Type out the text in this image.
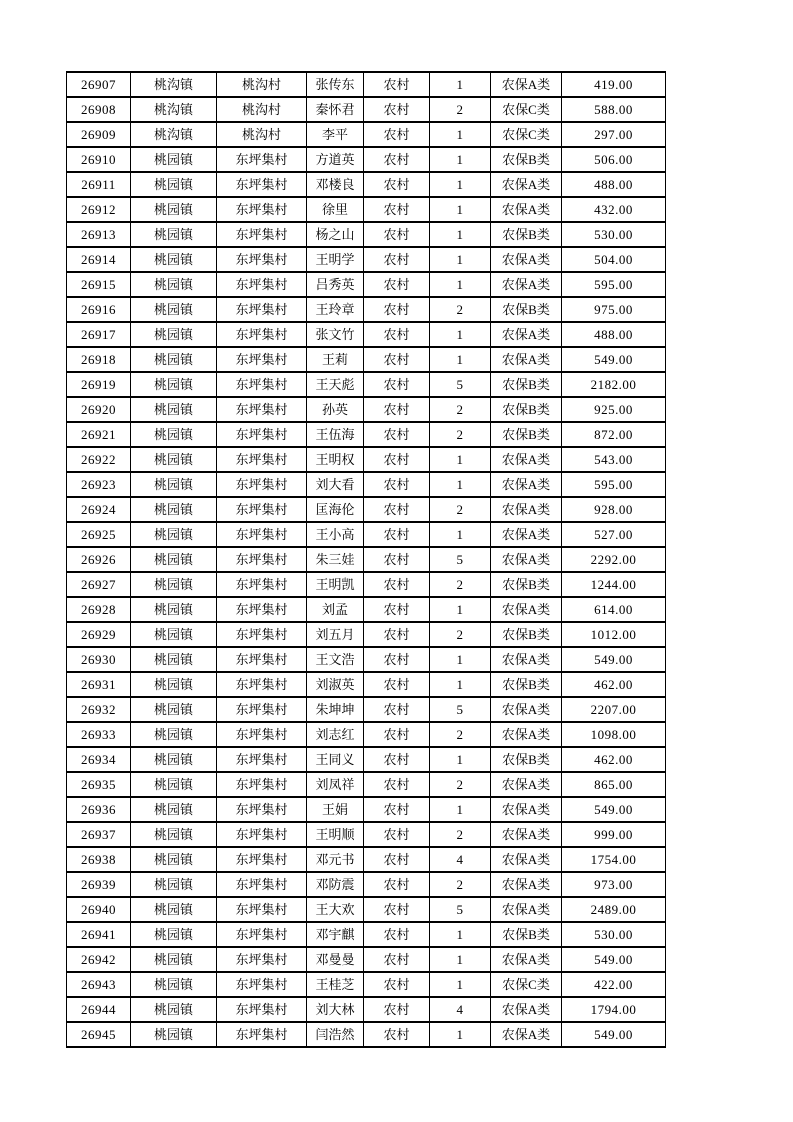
26907	桃沟镇	桃沟村	张传东	农村	1	农保A类	419.00
26908	桃沟镇	桃沟村	秦怀君	农村	2	农保C类	588.00
26909	桃沟镇	桃沟村	李平	农村	1	农保C类	297.00
26910	桃园镇	东坪集村	方道英	农村	1	农保B类	506.00
26911	桃园镇	东坪集村	邓楼良	农村	1	农保A类	488.00
26912	桃园镇	东坪集村	徐里	农村	1	农保A类	432.00
26913	桃园镇	东坪集村	杨之山	农村	1	农保B类	530.00
26914	桃园镇	东坪集村	王明学	农村	1	农保A类	504.00
26915	桃园镇	东坪集村	吕秀英	农村	1	农保A类	595.00
26916	桃园镇	东坪集村	王玲章	农村	2	农保B类	975.00
26917	桃园镇	东坪集村	张文竹	农村	1	农保A类	488.00
26918	桃园镇	东坪集村	王莉	农村	1	农保A类	549.00
26919	桃园镇	东坪集村	王天彪	农村	5	农保B类	2182.00
26920	桃园镇	东坪集村	孙英	农村	2	农保B类	925.00
26921	桃园镇	东坪集村	王伍海	农村	2	农保B类	872.00
26922	桃园镇	东坪集村	王明权	农村	1	农保A类	543.00
26923	桃园镇	东坪集村	刘大看	农村	1	农保A类	595.00
26924	桃园镇	东坪集村	匡海伦	农村	2	农保A类	928.00
26925	桃园镇	东坪集村	王小高	农村	1	农保A类	527.00
26926	桃园镇	东坪集村	朱三娃	农村	5	农保A类	2292.00
26927	桃园镇	东坪集村	王明凯	农村	2	农保B类	1244.00
26928	桃园镇	东坪集村	刘孟	农村	1	农保A类	614.00
26929	桃园镇	东坪集村	刘五月	农村	2	农保B类	1012.00
26930	桃园镇	东坪集村	王文浩	农村	1	农保A类	549.00
26931	桃园镇	东坪集村	刘淑英	农村	1	农保B类	462.00
26932	桃园镇	东坪集村	朱坤坤	农村	5	农保A类	2207.00
26933	桃园镇	东坪集村	刘志红	农村	2	农保A类	1098.00
26934	桃园镇	东坪集村	王同义	农村	1	农保B类	462.00
26935	桃园镇	东坪集村	刘凤祥	农村	2	农保A类	865.00
26936	桃园镇	东坪集村	王娟	农村	1	农保A类	549.00
26937	桃园镇	东坪集村	王明顺	农村	2	农保A类	999.00
26938	桃园镇	东坪集村	邓元书	农村	4	农保A类	1754.00
26939	桃园镇	东坪集村	邓防震	农村	2	农保A类	973.00
26940	桃园镇	东坪集村	王大欢	农村	5	农保A类	2489.00
26941	桃园镇	东坪集村	邓宇麒	农村	1	农保B类	530.00
26942	桃园镇	东坪集村	邓曼曼	农村	1	农保A类	549.00
26943	桃园镇	东坪集村	王桂芝	农村	1	农保C类	422.00
26944	桃园镇	东坪集村	刘大林	农村	4	农保A类	1794.00
26945	桃园镇	东坪集村	闫浩然	农村	1	农保A类	549.00
